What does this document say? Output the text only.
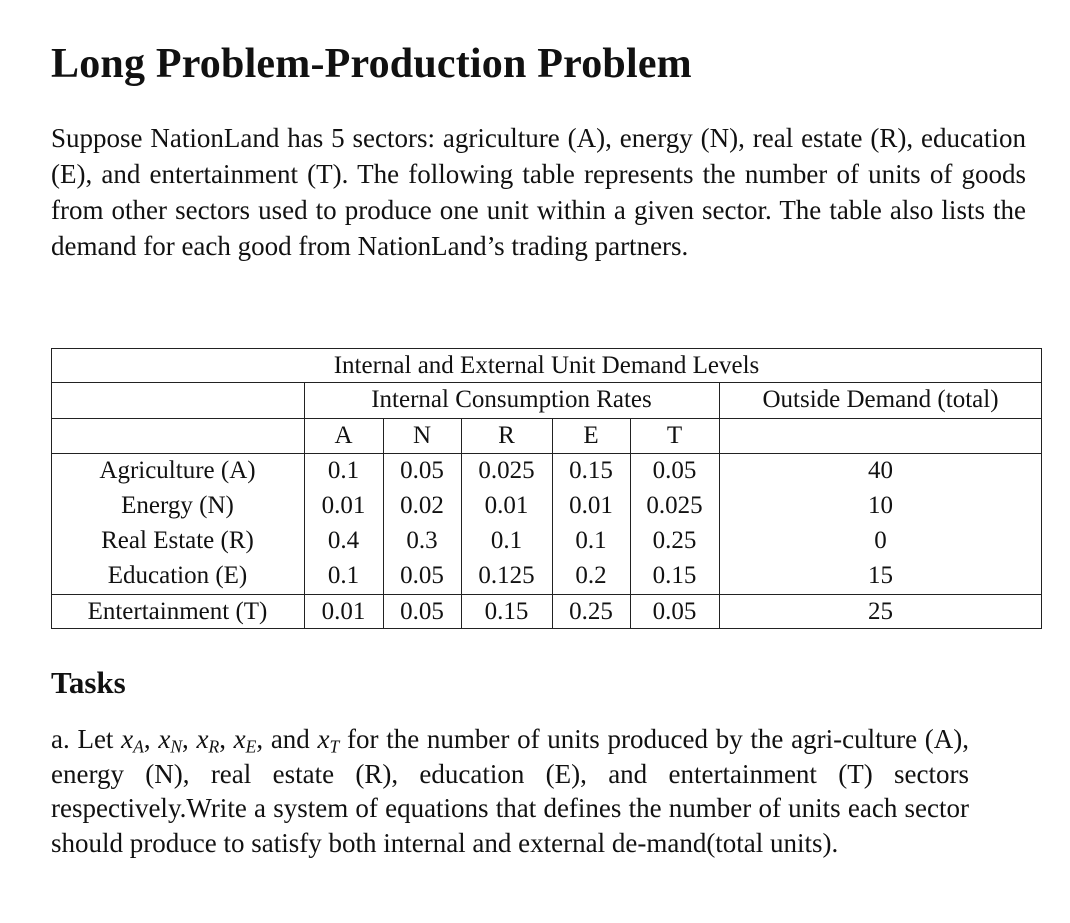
Long Problem-Production Problem

Suppose NationLand has 5 sectors: agriculture (A), energy (N), real estate (R), education (E), and entertainment (T). The following table represents the number of units of goods from other sectors used to produce one unit within a given sector. The table also lists the demand for each good from NationLand’s trading partners.

Internal and External Unit Demand Levels
Internal Consumption Rates	Outside Demand (total)
A	N	R	E	T
Agriculture (A)	0.1	0.05	0.025	0.15	0.05	40
Energy (N)	0.01	0.02	0.01	0.01	0.025	10
Real Estate (R)	0.4	0.3	0.1	0.1	0.25	0
Education (E)	0.1	0.05	0.125	0.2	0.15	15
Entertainment (T)	0.01	0.05	0.15	0.25	0.05	25
Tasks

a. Let $x_A$, $x_N$, $x_R$, $x_E$, and $x_T$ for the number of units produced by the agri-culture (A), energy (N), real estate (R), education (E), and entertainment (T) sectors respectively.Write a system of equations that defines the number of units each sector should produce to satisfy both internal and external de-mand(total units).
